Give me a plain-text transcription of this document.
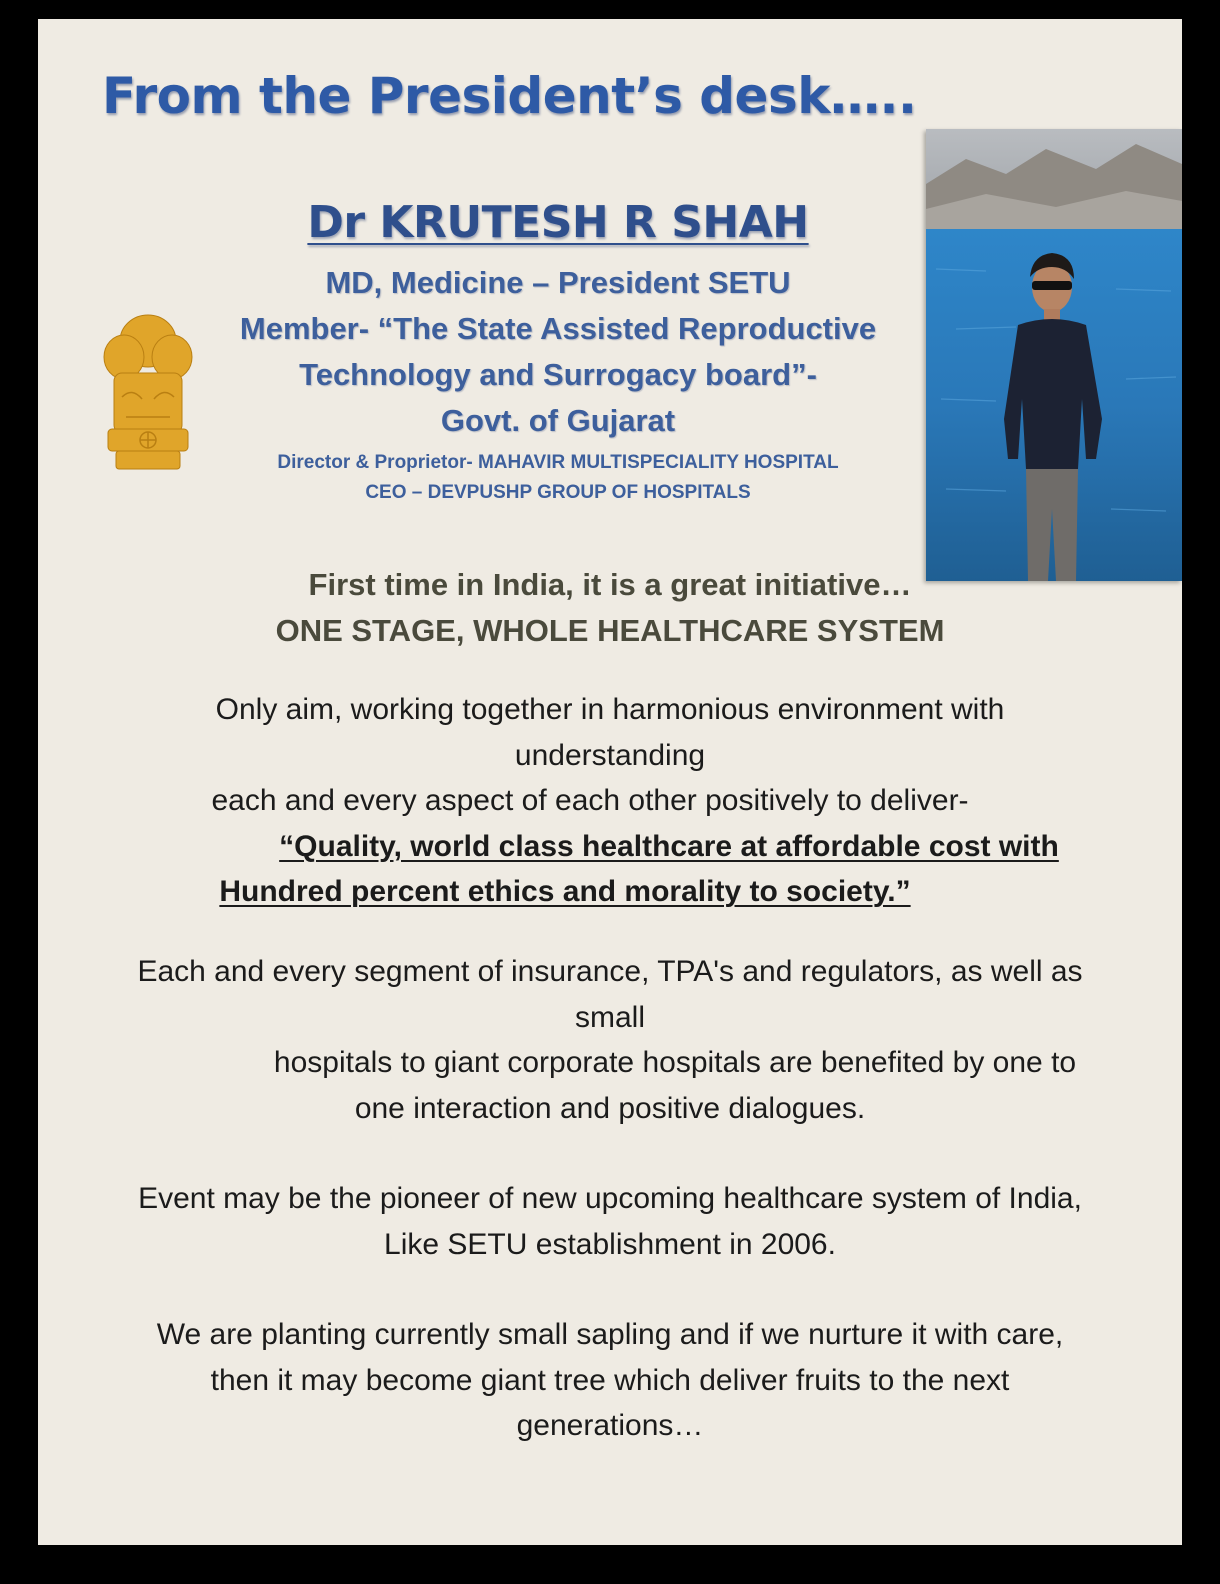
From the President’s desk…..
Dr KRUTESH R SHAH
MD, Medicine – President SETU
Member- “The State Assisted Reproductive
Technology and Surrogacy board”-
Govt. of Gujarat
Director & Proprietor- MAHAVIR MULTISPECIALITY HOSPITAL
CEO – DEVPUSHP GROUP OF HOSPITALS
First time in India, it is a great initiative…
ONE STAGE, WHOLE HEALTHCARE SYSTEM
Only aim, working together in harmonious environment with
understanding
each and every aspect of each other positively to deliver-
“Quality, world class healthcare at affordable cost with
Hundred percent ethics and morality to society.”
Each and every segment of insurance, TPA's and regulators, as well as
small
hospitals to giant corporate hospitals are benefited by one to
one interaction and positive dialogues.
Event may be the pioneer of new upcoming healthcare system of India,
Like SETU establishment in 2006.
We are planting currently small sapling and if we nurture it with care,
then it may become giant tree which deliver fruits to the next
generations…
